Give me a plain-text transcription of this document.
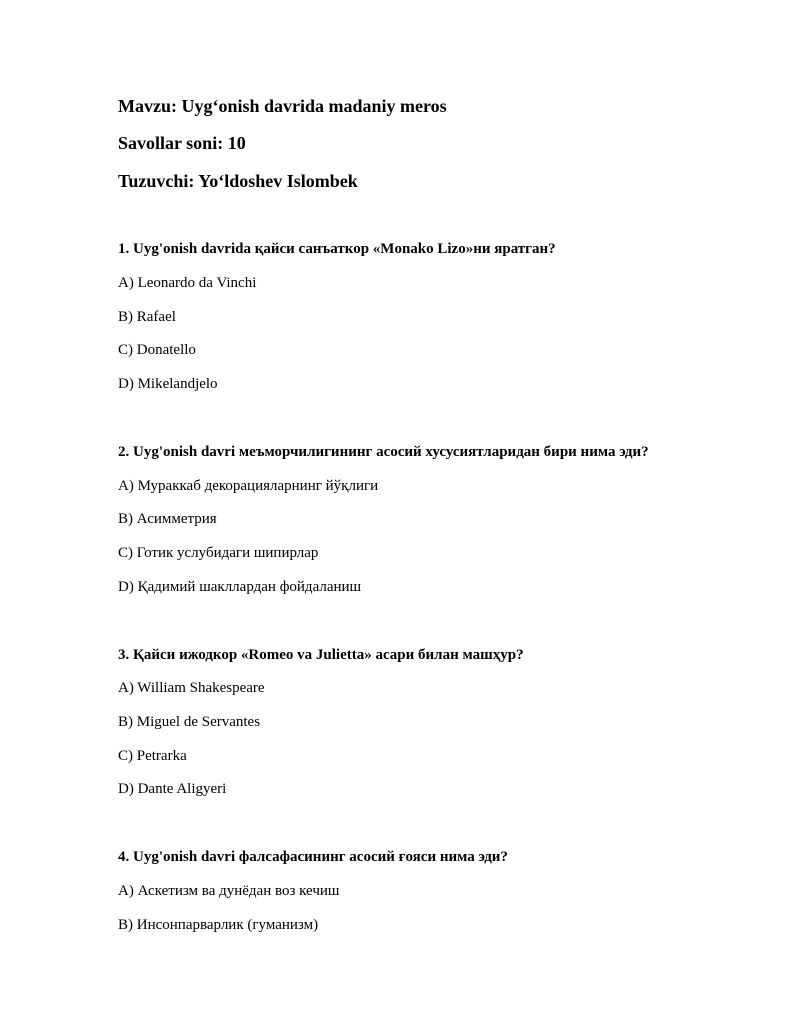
Mavzu: Uygʻonish davrida madaniy meros
Savollar soni: 10
Tuzuvchi: Yoʻldoshev Islombek
1. Uyg'onish davrida қайси санъаткор «Monako Lizo»ни яратган?
A) Leonardo da Vinchi
B) Rafael
C) Donatello
D) Mikelandjelo
2. Uyg'onish davri меъморчилигининг асосий хусусиятларидан бири нима эди?
A) Мураккаб декорацияларнинг йўқлиги
B) Асимметрия
C) Готик услубидаги шипирлар
D) Қадимий шакллардан фойдаланиш
3. Қайси ижодкор «Romeo va Julietta» асари билан машҳур?
A) William Shakespeare
B) Miguel de Servantes
C) Petrarka
D) Dante Aligyeri
4. Uyg'onish davri фалсафасининг асосий ғояси нима эди?
A) Аскетизм ва дунёдан воз кечиш
B) Инсонпарварлик (гуманизм)
